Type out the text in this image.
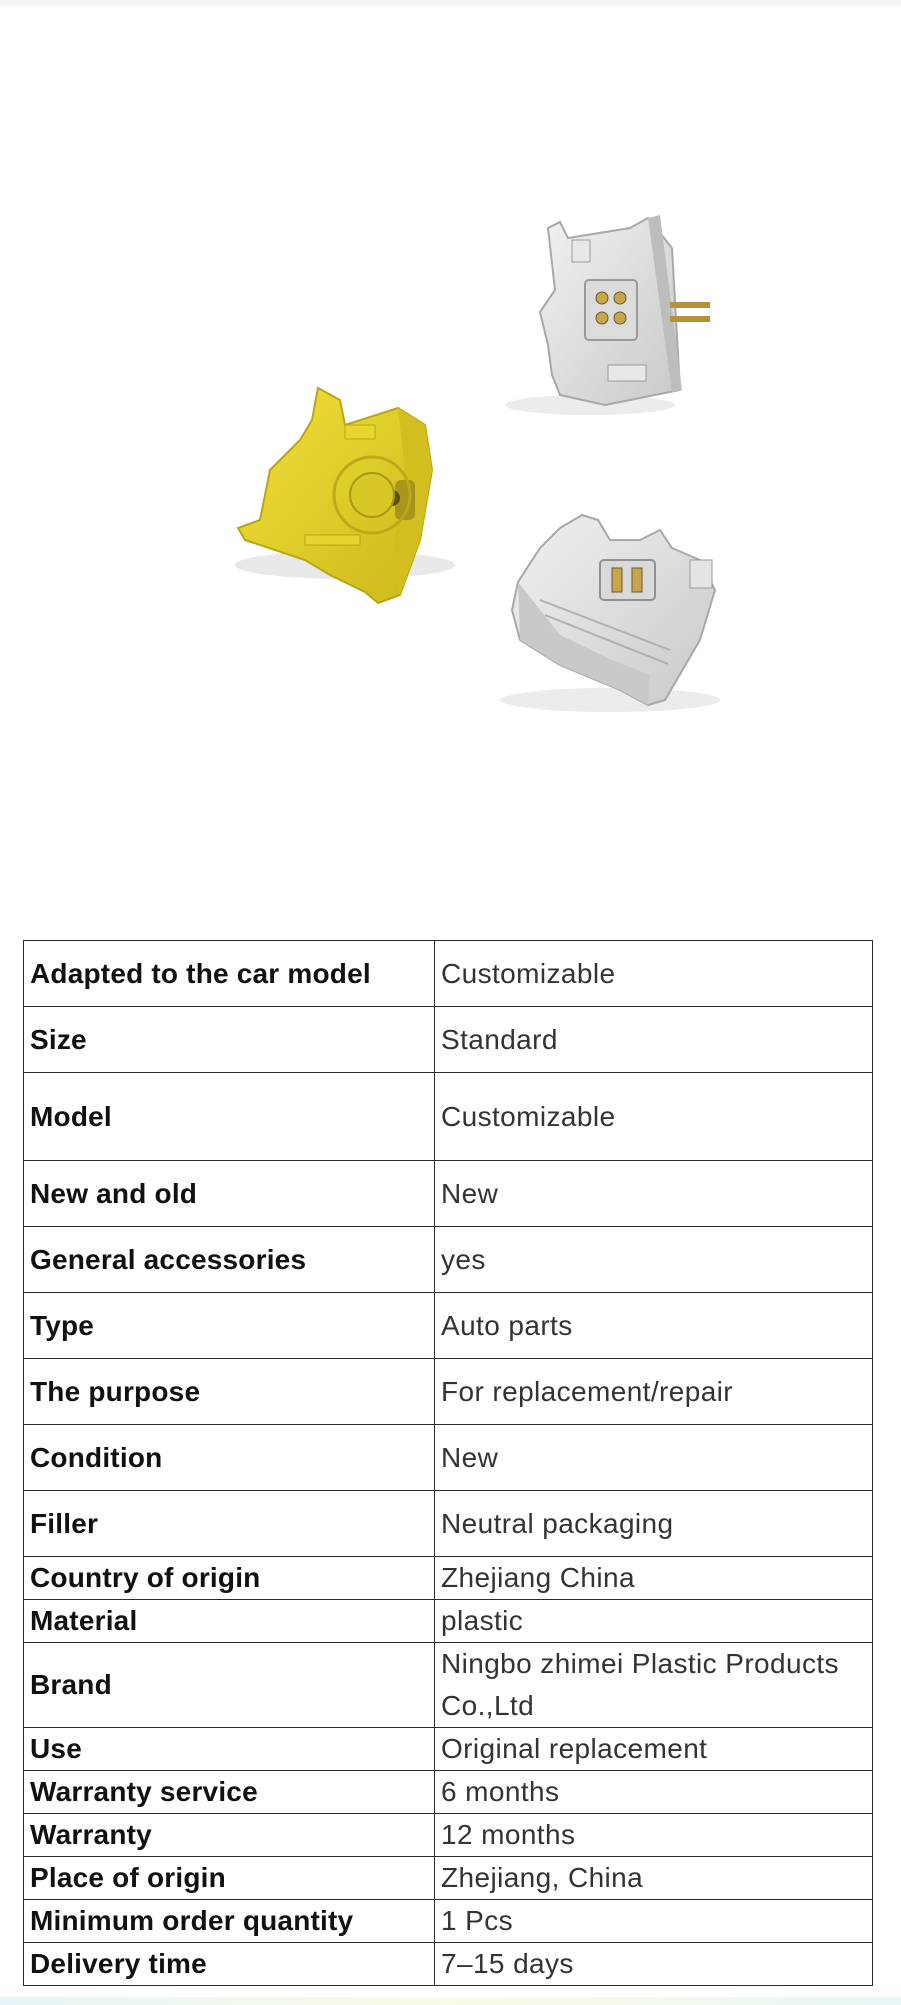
Adapted to the car model	Customizable
Size	Standard
Model	Customizable
New and old	New
General accessories	yes
Type	Auto parts
The purpose	For replacement/repair
Condition	New
Filler	Neutral packaging
Country of origin	Zhejiang China
Material	plastic
Brand	Ningbo zhimei Plastic Products Co.,Ltd
Use	Original replacement
Warranty service	6 months
Warranty	12 months
Place of origin	Zhejiang, China
Minimum order quantity	1 Pcs
Delivery time	7–15 days
